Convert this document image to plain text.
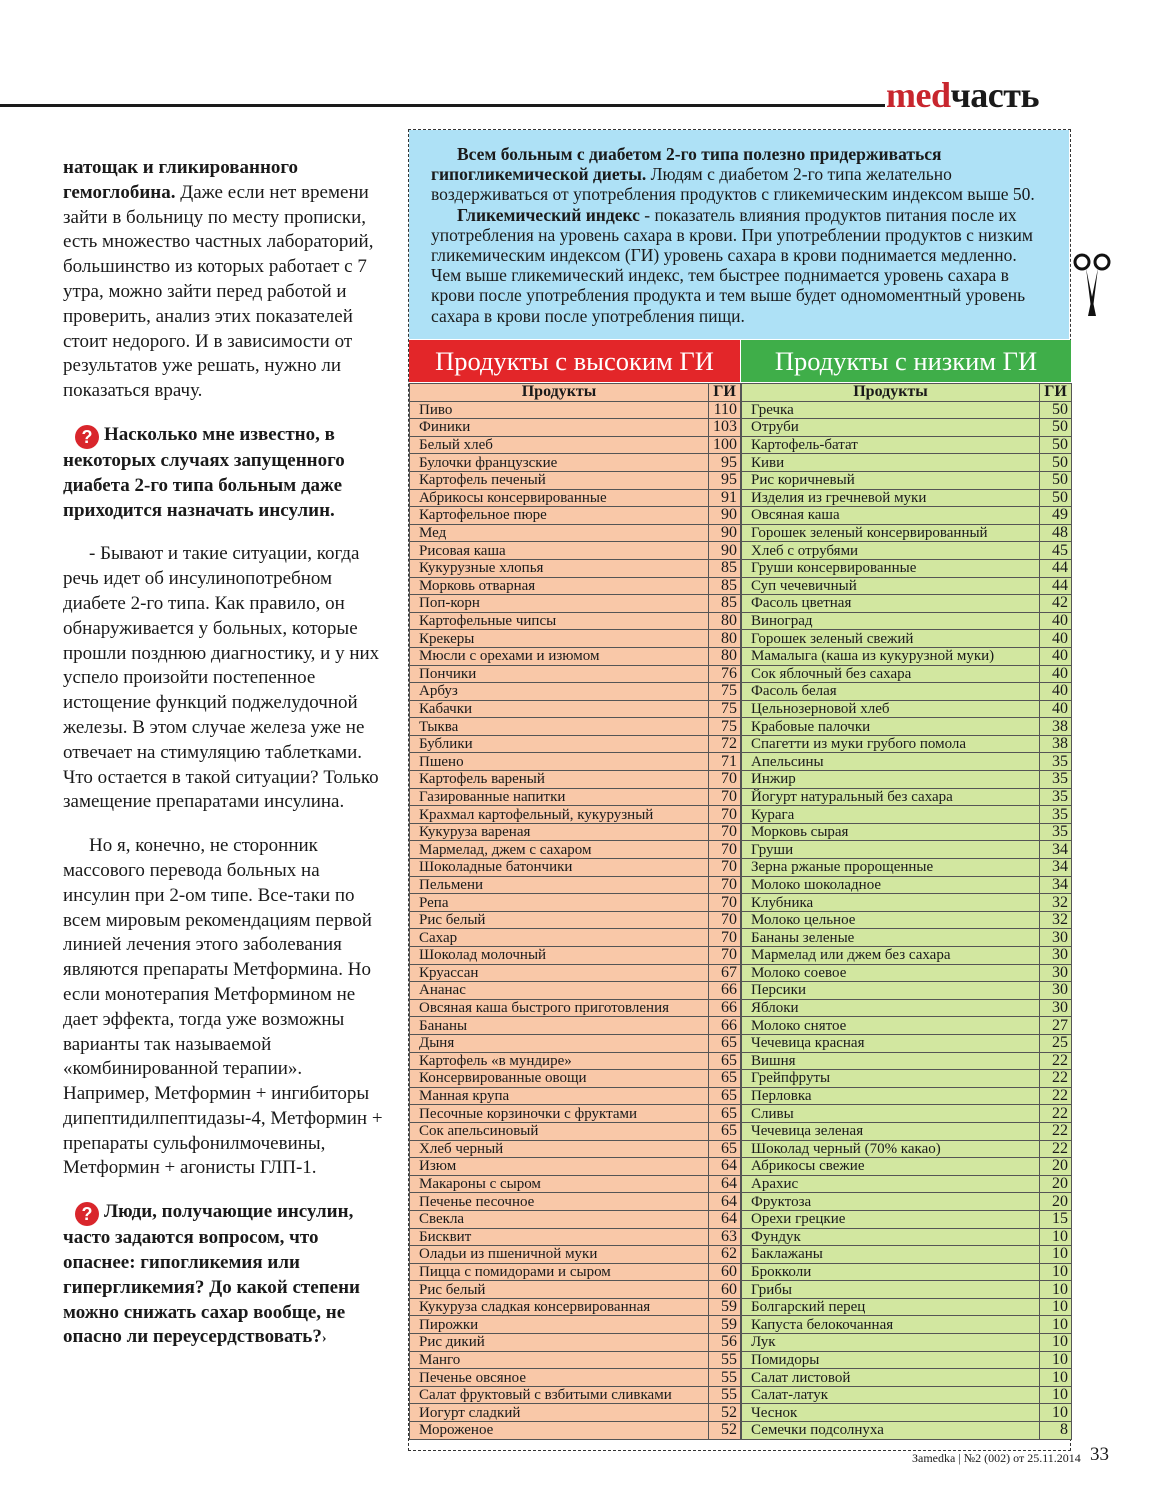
medчасть

натощак и гликированного гемоглобина. Даже если нет времени зайти в больницу по месту прописки, есть множество частных лабораторий, большинство из которых работает с 7 утра, можно зайти перед работой и проверить, анализ этих показателей стоит недорого. И в зависимости от результатов уже решать, нужно ли показаться врачу.

? Насколько мне известно, в некоторых случаях запущенного диабета 2-го типа больным даже приходится назначать инсулин.

- Бывают и такие ситуации, когда речь идет об инсулинопотребном диабете 2-го типа. Как правило, он обнаруживается у больных, которые прошли позднюю диагностику, и у них успело произойти постепенное истощение функций поджелудочной железы. В этом случае железа уже не отвечает на стимуляцию таблетками. Что остается в такой ситуации? Только замещение препаратами инсулина.

Но я, конечно, не сторонник массового перевода больных на инсулин при 2-ом типе. Все-таки по всем мировым рекомендациям первой линией лечения этого заболевания являются препараты Метформина. Но если монотерапия Метформином не дает эффекта, тогда уже возможны варианты так называемой «комбинированной терапии». Например, Метформин + ингибиторы дипептидилпептидазы-4, Метформин + препараты сульфонилмочевины, Метформин + агонисты ГЛП-1.

? Люди, получающие инсулин, часто задаются вопросом, что опаснее: гипогликемия или гипергликемия? До какой степени можно снижать сахар вообще, не опасно ли переусердствовать?›

Всем больным с диабетом 2-го типа полезно придерживаться гипогликемической диеты. Людям с диабетом 2-го типа желательно воздерживаться от употребления продуктов с гликемическим индексом выше 50.

Гликемический индекс - показатель влияния продуктов питания после их употребления на уровень сахара в крови. При употреблении продуктов с низким гликемическим индексом (ГИ) уровень сахара в крови поднимается медленно. Чем выше гликемический индекс, тем быстрее поднимается уровень сахара в крови после употребления продукта и тем выше будет одномоментный уровень сахара в крови после употребления пищи.

Продукты с высоким ГИ	Продукты с низким ГИ
Продукты	ГИ
Пиво	110
Финики	103
Белый хлеб	100
Булочки французские	95
Картофель печеный	95
Абрикосы консервированные	91
Картофельное пюре	90
Мед	90
Рисовая каша	90
Кукурузные хлопья	85
Морковь отварная	85
Поп-корн	85
Картофельные чипсы	80
Крекеры	80
Мюсли с орехами и изюмом	80
Пончики	76
Арбуз	75
Кабачки	75
Тыква	75
Бублики	72
Пшено	71
Картофель вареный	70
Газированные напитки	70
Крахмал картофельный, кукурузный	70
Кукуруза вареная	70
Мармелад, джем с сахаром	70
Шоколадные батончики	70
Пельмени	70
Репа	70
Рис белый	70
Сахар	70
Шоколад молочный	70
Круассан	67
Ананас	66
Овсяная каша быстрого приготовления	66
Бананы	66
Дыня	65
Картофель «в мундире»	65
Консервированные овощи	65
Манная крупа	65
Песочные корзиночки с фруктами	65
Сок апельсиновый	65
Хлеб черный	65
Изюм	64
Макароны с сыром	64
Печенье песочное	64
Свекла	64
Бисквит	63
Оладьи из пшеничной муки	62
Пицца с помидорами и сыром	60
Рис белый	60
Кукуруза сладкая консервированная	59
Пирожки	59
Рис дикий	56
Манго	55
Печенье овсяное	55
Салат фруктовый с взбитыми сливками	55
Иогурт сладкий	52
Мороженое	52
Продукты	ГИ
Гречка	50
Отруби	50
Картофель-батат	50
Киви	50
Рис коричневый	50
Изделия из гречневой муки	50
Овсяная каша	49
Горошек зеленый консервированный	48
Хлеб с отрубями	45
Груши консервированные	44
Суп чечевичный	44
Фасоль цветная	42
Виноград	40
Горошек зеленый свежий	40
Мамалыга (каша из кукурузной муки)	40
Сок яблочный без сахара	40
Фасоль белая	40
Цельнозерновой хлеб	40
Крабовые палочки	38
Спагетти из муки грубого помола	38
Апельсины	35
Инжир	35
Йогурт натуральный без сахара	35
Курага	35
Морковь сырая	35
Груши	34
Зерна ржаные пророщенные	34
Молоко шоколадное	34
Клубника	32
Молоко цельное	32
Бананы зеленые	30
Мармелад или джем без сахара	30
Молоко соевое	30
Персики	30
Яблоки	30
Молоко снятое	27
Чечевица красная	25
Вишня	22
Грейпфруты	22
Перловка	22
Сливы	22
Чечевица зеленая	22
Шоколад черный (70% какао)	22
Абрикосы свежие	20
Арахис	20
Фруктоза	20
Орехи грецкие	15
Фундук	10
Баклажаны	10
Брокколи	10
Грибы	10
Болгарский перец	10
Капуста белокочанная	10
Лук	10
Помидоры	10
Салат листовой	10
Салат-латук	10
Чеснок	10
Семечки подсолнуха	8
Заmedka | №2 (002) от 25.11.2014 33
